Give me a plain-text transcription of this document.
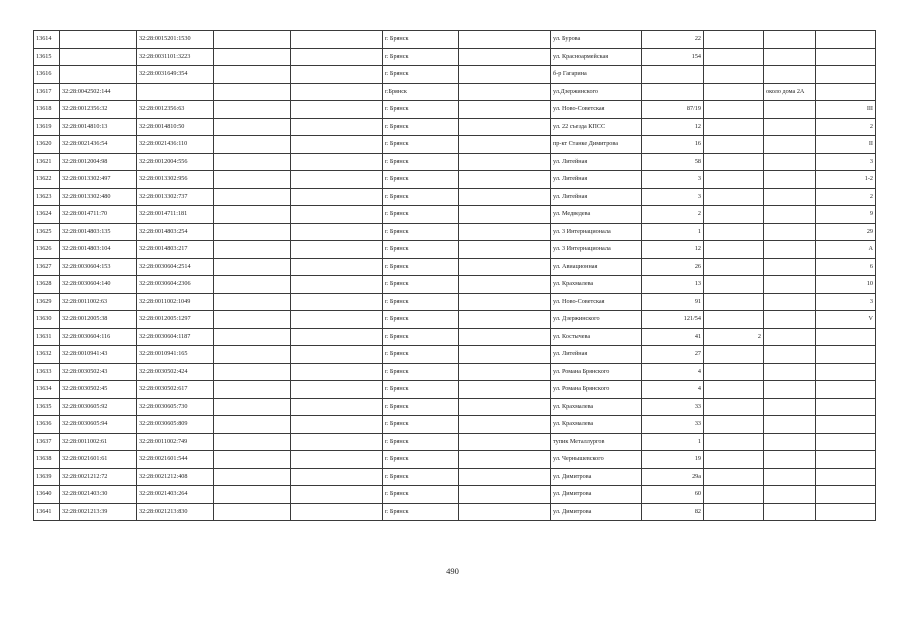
13614		32:28:0015201:1530			г. Брянск		ул. Бурова	22			
13615		32:28:0031101:3223			г. Брянск		ул. Красноармейская	154			
13616		32:28:0031649:354			г. Брянск		б-р Гагарина				
13617	32:28:0042502:144				г.Брянск		ул.Дзержинского			около дома 2А	
13618	32:28:0012356:32	32:28:0012356:63			г. Брянск		ул. Ново-Советская	87/19			III
13619	32:28:0014810:13	32:28:0014810:50			г. Брянск		ул. 22 съезда КПСС	12			2
13620	32:28:0021436:54	32:28:0021436:110			г. Брянск		пр-кт Станке Димитрова	16			II
13621	32:28:0012004:98	32:28:0012004:556			г. Брянск		ул. Литейная	58			3
13622	32:28:0013302:497	32:28:0013302:956			г. Брянск		ул. Литейная	3			1-2
13623	32:28:0013302:480	32:28:0013302:737			г. Брянск		ул. Литейная	3			2
13624	32:28:0014711:70	32:28:0014711:181			г. Брянск		ул. Медведева	2			9
13625	32:28:0014803:135	32:28:0014803:254			г. Брянск		ул. 3 Интернационала	1			29
13626	32:28:0014803:104	32:28:0014803:217			г. Брянск		ул. 3 Интернационала	12			А
13627	32:28:0030604:153	32:28:0030604:2514			г. Брянск		ул. Авиационная	26			6
13628	32:28:0030604:140	32:28:0030604:2306			г. Брянск		ул. Крахмалева	13			10
13629	32:28:0011002:63	32:28:0011002:1049			г. Брянск		ул. Ново-Советская	91			3
13630	32:28:0012005:38	32:28:0012005:1297			г. Брянск		ул. Дзержинского	121/54			V
13631	32:28:0030604:116	32:28:0030604:1187			г. Брянск		ул. Костычева	41	2		
13632	32:28:0010941:43	32:28:0010941:165			г. Брянск		ул. Литейная	27			
13633	32:28:0030502:43	32:28:0030502:424			г. Брянск		ул. Романа Брянского	4			
13634	32:28:0030502:45	32:28:0030502:617			г. Брянск		ул. Романа Брянского	4			
13635	32:28:0030605:92	32:28:0030605:730			г. Брянск		ул. Крахмалева	33			
13636	32:28:0030605:94	32:28:0030605:809			г. Брянск		ул. Крахмалева	33			
13637	32:28:0011002:61	32:28:0011002:749			г. Брянск		тупик Металлургов	1			
13638	32:28:0021601:61	32:28:0021601:544			г. Брянск		ул. Чернышевского	19			
13639	32:28:0021212:72	32:28:0021212:408			г. Брянск		ул. Димитрова	29а			
13640	32:28:0021403:30	32:28:0021403:264			г. Брянск		ул. Димитрова	60			
13641	32:28:0021213:39	32:28:0021213:830			г. Брянск		ул. Димитрова	82			
490
